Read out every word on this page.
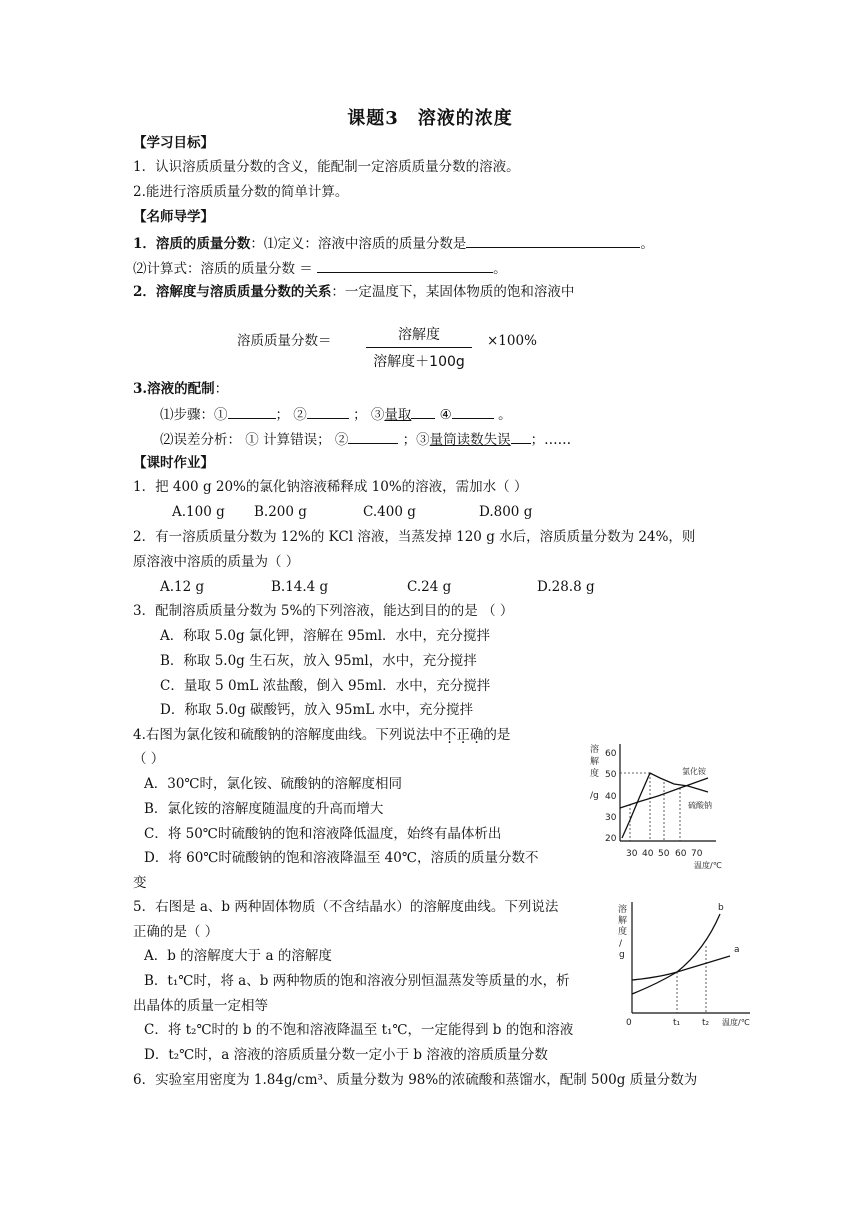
课题3　溶液的浓度
【学习目标】
1．认识溶质质量分数的含义，能配制一定溶质质量分数的溶液。
2.能进行溶质质量分数的简单计算。
【名师导学】
1．溶质的质量分数：⑴定义：溶液中溶质的质量分数是	。
⑵计算式：溶质的质量分数 ＝	。
2．溶解度与溶质质量分数的关系：一定温度下，某固体物质的饱和溶液中
溶质质量分数＝	溶解度
溶解度＋100g
×100%
3.溶液的配制：
⑴步骤：①	； ②	； ③量取 ④	。
⑵误差分析： ① 计算错误； ②	；③量筒读数失误 ；……
【课时作业】
1．把 400 g 20%的氯化钠溶液稀释成 10%的溶液，需加水（ ）
A.100 g B.200 g	C.400 g	D.800 g
2．有一溶质质量分数为 12%的 KCl 溶液，当蒸发掉 120 g 水后，溶质质量分数为 24%，则
原溶液中溶质的质量为（ ）
A.12 g	B.14.4 g	C.24 g	D.28.8 g
3．配制溶质质量分数为 5%的下列溶液，能达到目的的是 （ ）
A．称取 5.0g 氯化钾，溶解在 95ml．水中，充分搅拌
B．称取 5.0g 生石灰，放入 95ml，水中，充分搅拌
C．量取 5 0mL 浓盐酸，倒入 95ml．水中，充分搅拌
D．称取 5.0g 碳酸钙，放入 95mL 水中，充分搅拌
4.右图为氯化铵和硫酸钠的溶解度曲线。下列说法中不正确的是
（ ）
A．30℃时，氯化铵、硫酸钠的溶解度相同
B．氯化铵的溶解度随温度的升高而增大
C．将 50℃时硫酸钠的饱和溶液降低温度，始终有晶体析出
D．将 60℃时硫酸钠的饱和溶液降温至 40℃，溶质的质量分数不
变
溶
解
度
/g
60
50
40
30
20
30 40 50 60 70
温度/℃
氯化铵
硫酸钠
5．右图是 a、b 两种固体物质（不含结晶水）的溶解度曲线。下列说法
正确的是（ ）
A．b 的溶解度大于 a 的溶解度
B．t₁℃时，将 a、b 两种物质的饱和溶液分别恒温蒸发等质量的水，析
出晶体的质量一定相等
C．将 t₂℃时的 b 的不饱和溶液降温至 t₁℃，一定能得到 b 的饱和溶液
D．t₂℃时，a 溶液的溶质质量分数一定小于 b 溶液的溶质质量分数
溶
解
度
/
g
0	t₁ t₂ 温度/℃
b
a
6．实验室用密度为 1.84g/cm³、质量分数为 98%的浓硫酸和蒸馏水，配制 500g 质量分数为
